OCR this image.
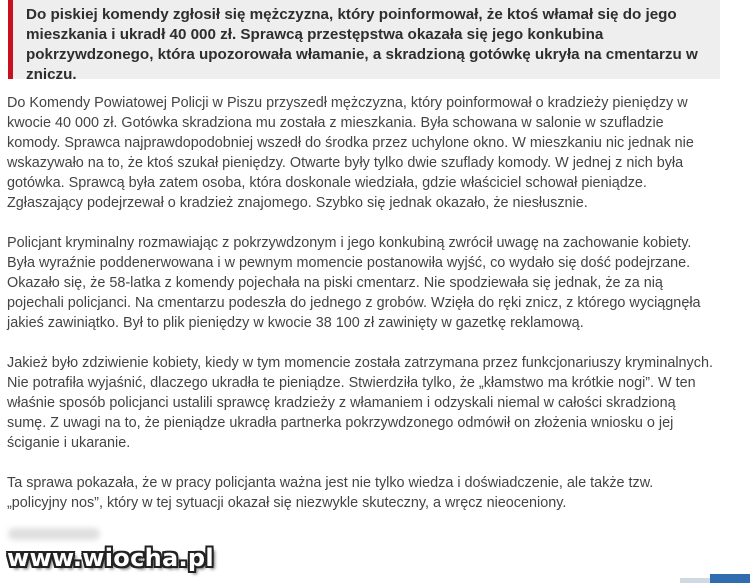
Do piskiej komendy zgłosił się mężczyzna, który poinformował, że ktoś włamał się do jego mieszkania i ukradł 40 000 zł. Sprawcą przestępstwa okazała się jego konkubina pokrzywdzonego, która upozorowała włamanie, a skradzioną gotówkę ukryła na cmentarzu w zniczu.

Do Komendy Powiatowej Policji w Piszu przyszedł mężczyzna, który poinformował o kradzieży pieniędzy w kwocie 40 000 zł. Gotówka skradziona mu została z mieszkania. Była schowana w salonie w szufladzie komody. Sprawca najprawdopodobniej wszedł do środka przez uchylone okno. W mieszkaniu nic jednak nie wskazywało na to, że ktoś szukał pieniędzy. Otwarte były tylko dwie szuflady komody. W jednej z nich była gotówka. Sprawcą była zatem osoba, która doskonale wiedziała, gdzie właściciel schował pieniądze. Zgłaszający podejrzewał o kradzież znajomego. Szybko się jednak okazało, że niesłusznie.

Policjant kryminalny rozmawiając z pokrzywdzonym i jego konkubiną zwrócił uwagę na zachowanie kobiety. Była wyraźnie poddenerwowana i w pewnym momencie postanowiła wyjść, co wydało się dość podejrzane. Okazało się, że 58-latka z komendy pojechała na piski cmentarz. Nie spodziewała się jednak, że za nią pojechali policjanci. Na cmentarzu podeszła do jednego z grobów. Wzięła do ręki znicz, z którego wyciągnęła jakieś zawiniątko. Był to plik pieniędzy w kwocie 38 100 zł zawinięty w gazetkę reklamową.

Jakież było zdziwienie kobiety, kiedy w tym momencie została zatrzymana przez funkcjonariuszy kryminalnych. Nie potrafiła wyjaśnić, dlaczego ukradła te pieniądze. Stwierdziła tylko, że „kłamstwo ma krótkie nogi”. W ten właśnie sposób policjanci ustalili sprawcę kradzieży z włamaniem i odzyskali niemal w całości skradzioną sumę. Z uwagi na to, że pieniądze ukradła partnerka pokrzywdzonego odmówił on złożenia wniosku o jej ściganie i ukaranie.

Ta sprawa pokazała, że w pracy policjanta ważna jest nie tylko wiedza i doświadczenie, ale także tzw. „policyjny nos”, który w tej sytuacji okazał się niezwykle skuteczny, a wręcz nieoceniony.

www.wiocha.pl
